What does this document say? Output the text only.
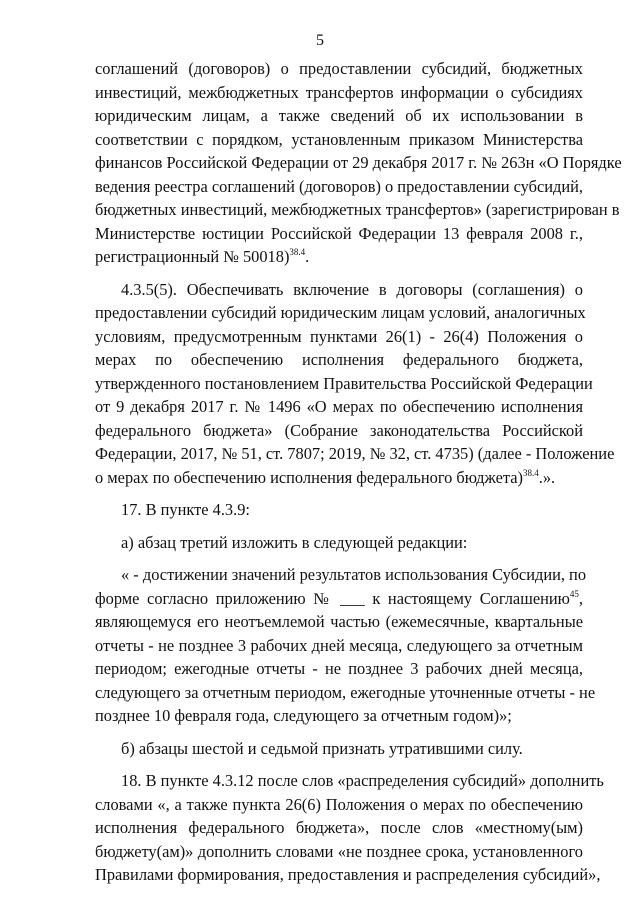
5
соглашений (договоров) о предоставлении субсидий, бюджетных
инвестиций, межбюджетных трансфертов информации о субсидиях
юридическим лицам, а также сведений об их использовании в
соответствии с порядком, установленным приказом Министерства
финансов Российской Федерации от 29 декабря 2017 г. № 263н «О Порядке
ведения реестра соглашений (договоров) о предоставлении субсидий,
бюджетных инвестиций, межбюджетных трансфертов» (зарегистрирован в
Министерстве юстиции Российской Федерации 13 февраля 2008 г.,
регистрационный № 50018)$^{38.4}$.
4.3.5(5). Обеспечивать включение в договоры (соглашения) о
предоставлении субсидий юридическим лицам условий, аналогичных
условиям, предусмотренным пунктами 26(1) - 26(4) Положения о
мерах по обеспечению исполнения федерального бюджета,
утвержденного постановлением Правительства Российской Федерации
от 9 декабря 2017 г. № 1496 «О мерах по обеспечению исполнения
федерального бюджета» (Собрание законодательства Российской
Федерации, 2017, № 51, ст. 7807; 2019, № 32, ст. 4735) (далее - Положение
о мерах по обеспечению исполнения федерального бюджета)$^{38.4}$.».
17. В пункте 4.3.9:
а) абзац третий изложить в следующей редакции:
« - достижении значений результатов использования Субсидии, по
форме согласно приложению № ___ к настоящему Соглашению$^{45}$,
являющемуся его неотъемлемой частью (ежемесячные, квартальные
отчеты - не позднее 3 рабочих дней месяца, следующего за отчетным
периодом; ежегодные отчеты - не позднее 3 рабочих дней месяца,
следующего за отчетным периодом, ежегодные уточненные отчеты - не
позднее 10 февраля года, следующего за отчетным годом)»;
б) абзацы шестой и седьмой признать утратившими силу.
18. В пункте 4.3.12 после слов «распределения субсидий» дополнить
словами «, а также пункта 26(6) Положения о мерах по обеспечению
исполнения федерального бюджета», после слов «местному(ым)
бюджету(ам)» дополнить словами «не позднее срока, установленного
Правилами формирования, предоставления и распределения субсидий»,
